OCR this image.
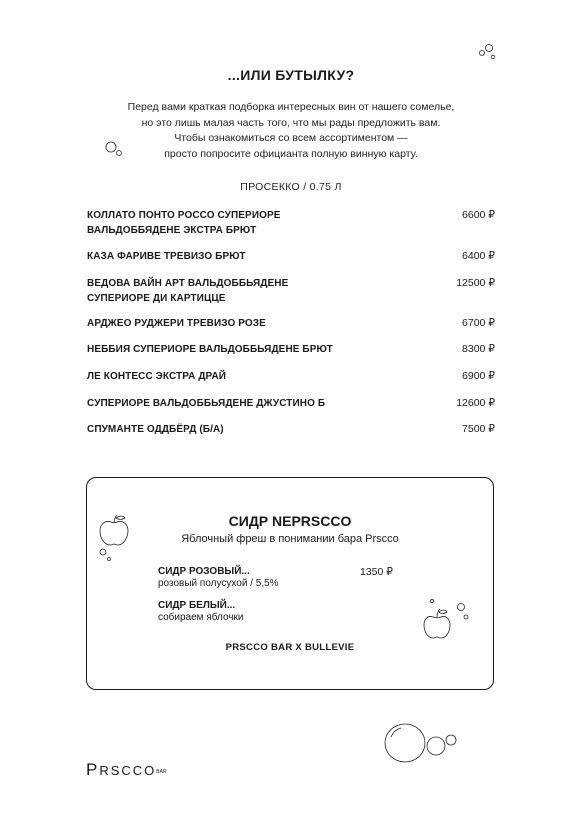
...ИЛИ БУТЫЛКУ?
Перед вами краткая подборка интересных вин от нашего сомелье,
но это лишь малая часть того, что мы рады предложить вам.
Чтобы ознакомиться со всем ассортиментом —
просто попросите официанта полную винную карту.
ПРОСЕККО / 0.75 Л
КОЛЛАТО ПОНТО РОССО СУПЕРИОРЕ
ВАЛЬДОББЯДЕНЕ ЭКСТРА БРЮТ
6600 ₽
КАЗА ФАРИВЕ ТРЕВИЗО БРЮТ	6400 ₽
ВЕДОВА ВАЙН АРТ ВАЛЬДОББЬЯДЕНЕ
СУПЕРИОРЕ ДИ КАРТИЦЦЕ
12500 ₽
АРДЖЕО РУДЖЕРИ ТРЕВИЗО РОЗЕ	6700 ₽
НЕББИЯ СУПЕРИОРЕ ВАЛЬДОББЬЯДЕНЕ БРЮТ	8300 ₽
ЛЕ КОНТЕСС ЭКСТРА ДРАЙ	6900 ₽
СУПЕРИОРЕ ВАЛЬДОББЬЯДЕНЕ ДЖУСТИНО Б	12600 ₽
СПУМАНТЕ ОДДБЁРД (Б/А)	7500 ₽
СИДР NEPRSCCO
Яблочный фреш в понимании бара Prscco
СИДР РОЗОВЫЙ...
розовый полусухой / 5,5%
1350 ₽
СИДР БЕЛЫЙ...
собираем яблочки
PRSCCO BAR X BULLEVIE
PRSCCOBAR
